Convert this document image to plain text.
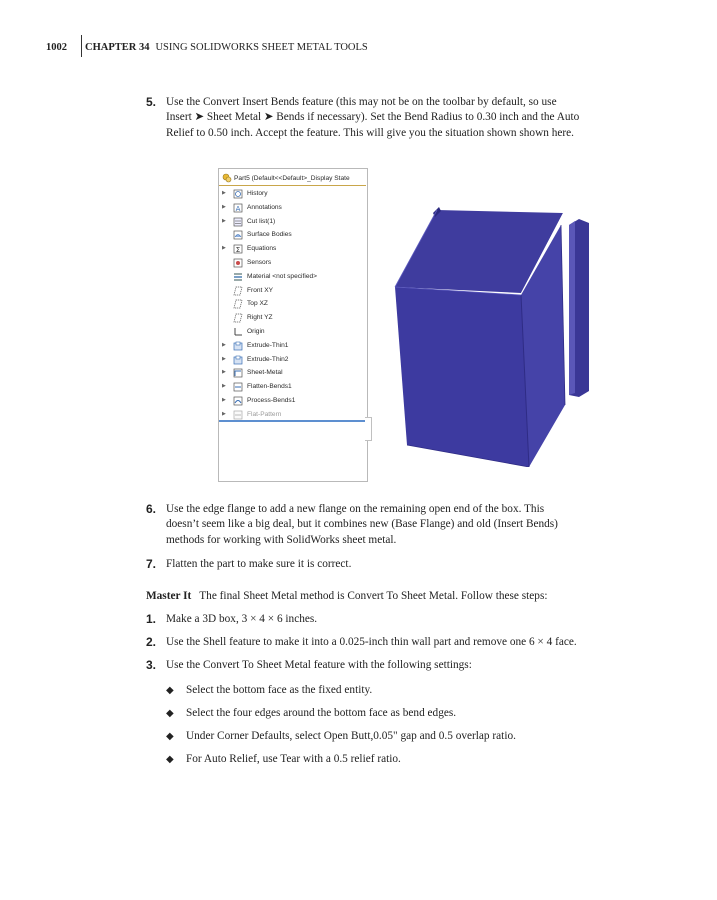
1002 CHAPTER 34 USING SOLIDWORKS SHEET METAL TOOLS
5. Use the Convert Insert Bends feature (this may not be on the toolbar by default, so use
Insert ➤ Sheet Metal ➤ Bends if necessary). Set the Bend Radius to 0.30 inch and the Auto
Relief to 0.50 inch. Accept the feature. This will give you the situation shown shown here.
Part5 (Default<<Default>_Display State
▶	History
▶ A Annotations
▶	Cut list(1)
Surface Bodies
▶ Σ Equations
Sensors
Material <not specified>
Front XY
Top XZ
Right YZ
Origin
▶	Extrude-Thin1
▶	Extrude-Thin2
▶	Sheet-Metal
▶	Flatten-Bends1
▶	Process-Bends1
▶	Flat-Pattern
6. Use the edge flange to add a new flange on the remaining open end of the box. This
doesn’t seem like a big deal, but it combines new (Base Flange) and old (Insert Bends)
methods for working with SolidWorks sheet metal.
7. Flatten the part to make sure it is correct.
Master It The final Sheet Metal method is Convert To Sheet Metal. Follow these steps:
1. Make a 3D box, 3 × 4 × 6 inches.
2. Use the Shell feature to make it into a 0.025-inch thin wall part and remove one 6 × 4 face.
3. Use the Convert To Sheet Metal feature with the following settings:
◆ Select the bottom face as the fixed entity.
◆ Select the four edges around the bottom face as bend edges.
◆ Under Corner Defaults, select Open Butt,0.05" gap and 0.5 overlap ratio.
◆ For Auto Relief, use Tear with a 0.5 relief ratio.
